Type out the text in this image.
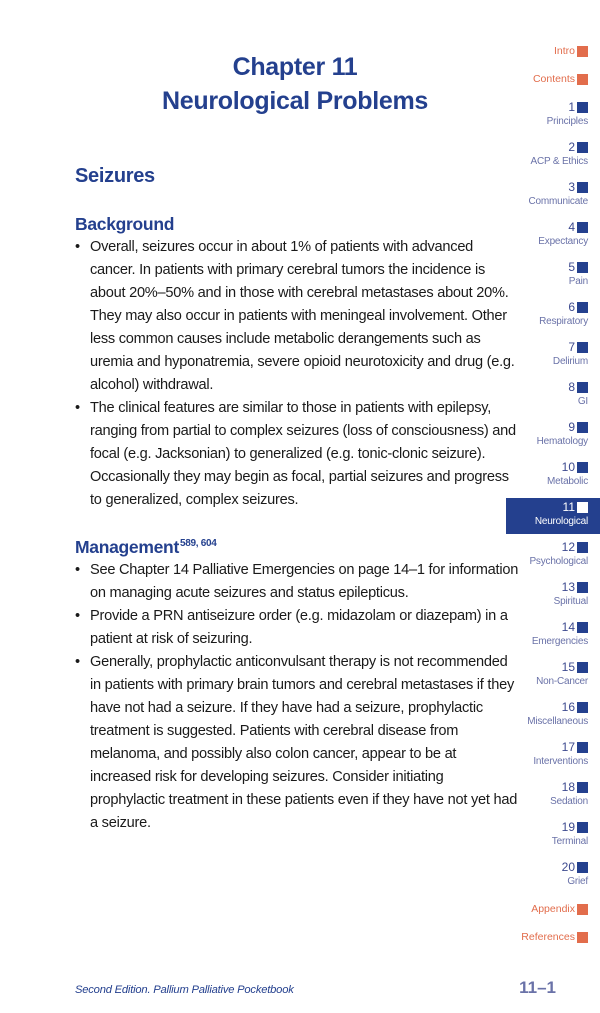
Chapter 11
Neurological Problems
Seizures
Background
• Overall, seizures occur in about 1% of patients with advanced cancer. In patients with primary cerebral tumors the incidence is about 20%–50% and in those with cerebral metastases about 20%. They may also occur in patients with meningeal involvement. Other less common causes include metabolic derangements such as uremia and hyponatremia, severe opioid neurotoxicity and drug (e.g. alcohol) withdrawal.
• The clinical features are similar to those in patients with epilepsy, ranging from partial to complex seizures (loss of consciousness) and focal (e.g. Jacksonian) to generalized (e.g. tonic-clonic seizure). Occasionally they may begin as focal, partial seizures and progress to generalized, complex seizures.
Management$^{589, 604}$
• See Chapter 14 Palliative Emergencies on page 14–1 for information on managing acute seizures and status epilepticus.
• Provide a PRN antiseizure order (e.g. midazolam or diazepam) in a patient at risk of seizuring.
• Generally, prophylactic anticonvulsant therapy is not recommended in patients with primary brain tumors and cerebral metastases if they have not had a seizure. If they have had a seizure, prophylactic treatment is suggested. Patients with cerebral disease from melanoma, and possibly also colon cancer, appear to be at increased risk for developing seizures. Consider initiating prophylactic treatment in these patients even if they have not yet had a seizure.
Intro
Contents
1
Principles
2
ACP & Ethics
3
Communicate
4
Expectancy
5
Pain
6
Respiratory
7
Delirium
8
GI
9
Hematology
10
Metabolic
11
Neurological
12
Psychological
13
Spiritual
14
Emergencies
15
Non-Cancer
16
Miscellaneous
17
Interventions
18
Sedation
19
Terminal
20
Grief
Appendix
References
Second Edition. Pallium Palliative Pocketbook	11–1
